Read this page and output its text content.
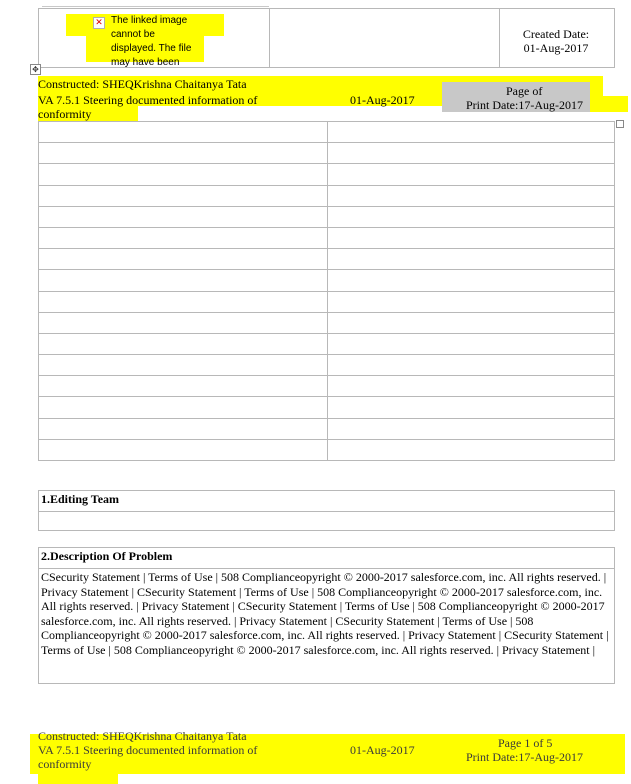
The linked image cannot be displayed. The file may have been
✕
Created Date:
01-Aug-2017
✥
Constructed: SHEQKrishna Chaitanya Tata
VA 7.5.1 Steering documented information of
conformity
01-Aug-2017
Page of
Print Date:17-Aug-2017

1.Editing Team

2.Description Of Problem
CSecurity Statement | Terms of Use | 508 Complianceopyright © 2000-2017 salesforce.com, inc. All rights reserved. | Privacy Statement | CSecurity Statement | Terms of Use | 508 Complianceopyright © 2000-2017 salesforce.com, inc. All rights reserved. | Privacy Statement | CSecurity Statement | Terms of Use | 508 Complianceopyright © 2000-2017 salesforce.com, inc. All rights reserved. | Privacy Statement | CSecurity Statement | Terms of Use | 508 Complianceopyright © 2000-2017 salesforce.com, inc. All rights reserved. | Privacy Statement | CSecurity Statement | Terms of Use | 508 Complianceopyright © 2000-2017 salesforce.com, inc. All rights reserved. | Privacy Statement |
Constructed: SHEQKrishna Chaitanya Tata
VA 7.5.1 Steering documented information of
conformity
01-Aug-2017	Page 1 of 5
Print Date:17-Aug-2017
